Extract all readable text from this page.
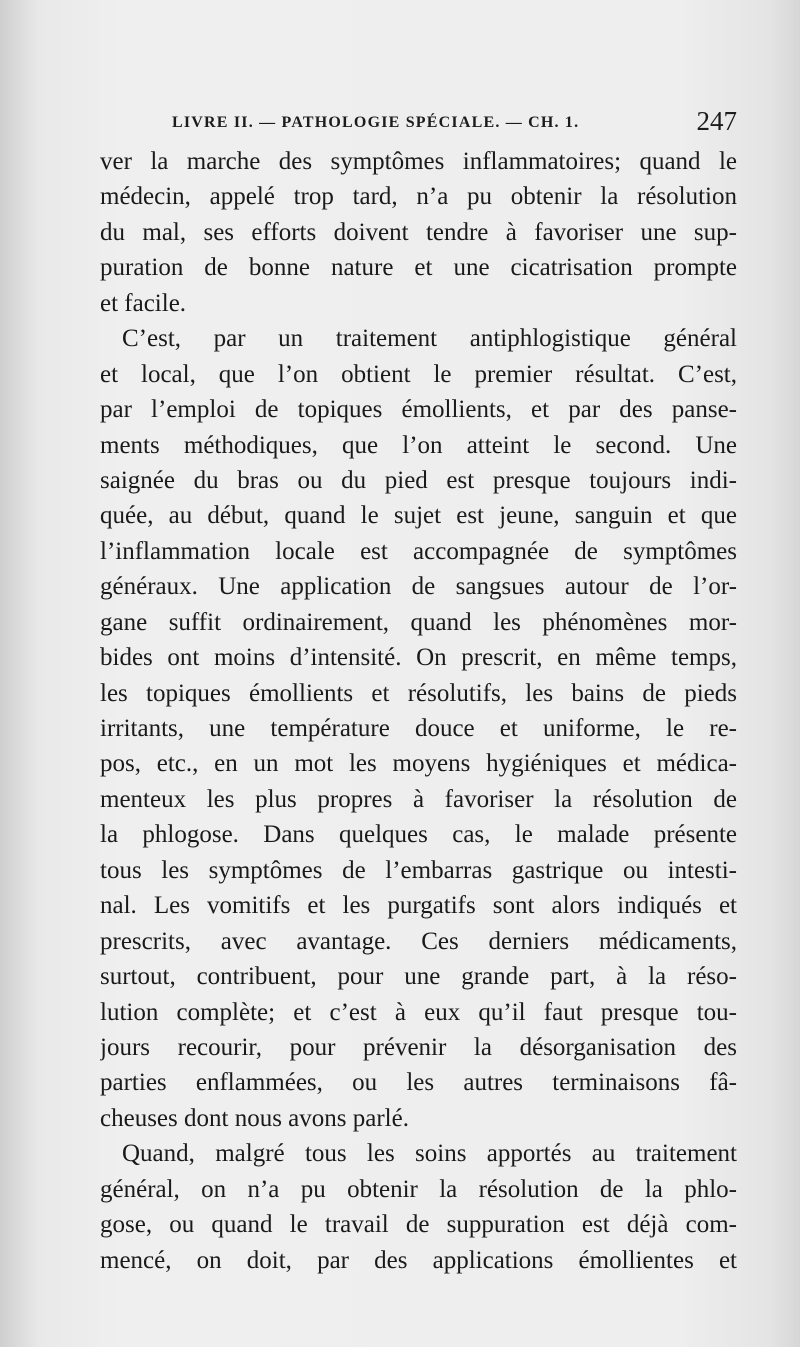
LIVRE II. — PATHOLOGIE SPÉCIALE. — CH. 1.	247
ver la marche des symptômes inflammatoires; quand le
médecin, appelé trop tard, n’a pu obtenir la résolution
du mal, ses efforts doivent tendre à favoriser une sup-
puration de bonne nature et une cicatrisation prompte
et facile.
C’est, par un traitement antiphlogistique général
et local, que l’on obtient le premier résultat. C’est,
par l’emploi de topiques émollients, et par des panse-
ments méthodiques, que l’on atteint le second. Une
saignée du bras ou du pied est presque toujours indi-
quée, au début, quand le sujet est jeune, sanguin et que
l’inflammation locale est accompagnée de symptômes
généraux. Une application de sangsues autour de l’or-
gane suffit ordinairement, quand les phénomènes mor-
bides ont moins d’intensité. On prescrit, en même temps,
les topiques émollients et résolutifs, les bains de pieds
irritants, une température douce et uniforme, le re-
pos, etc., en un mot les moyens hygiéniques et médica-
menteux les plus propres à favoriser la résolution de
la phlogose. Dans quelques cas, le malade présente
tous les symptômes de l’embarras gastrique ou intesti-
nal. Les vomitifs et les purgatifs sont alors indiqués et
prescrits, avec avantage. Ces derniers médicaments,
surtout, contribuent, pour une grande part, à la réso-
lution complète; et c’est à eux qu’il faut presque tou-
jours recourir, pour prévenir la désorganisation des
parties enflammées, ou les autres terminaisons fâ-
cheuses dont nous avons parlé.
Quand, malgré tous les soins apportés au traitement
général, on n’a pu obtenir la résolution de la phlo-
gose, ou quand le travail de suppuration est déjà com-
mencé, on doit, par des applications émollientes et
